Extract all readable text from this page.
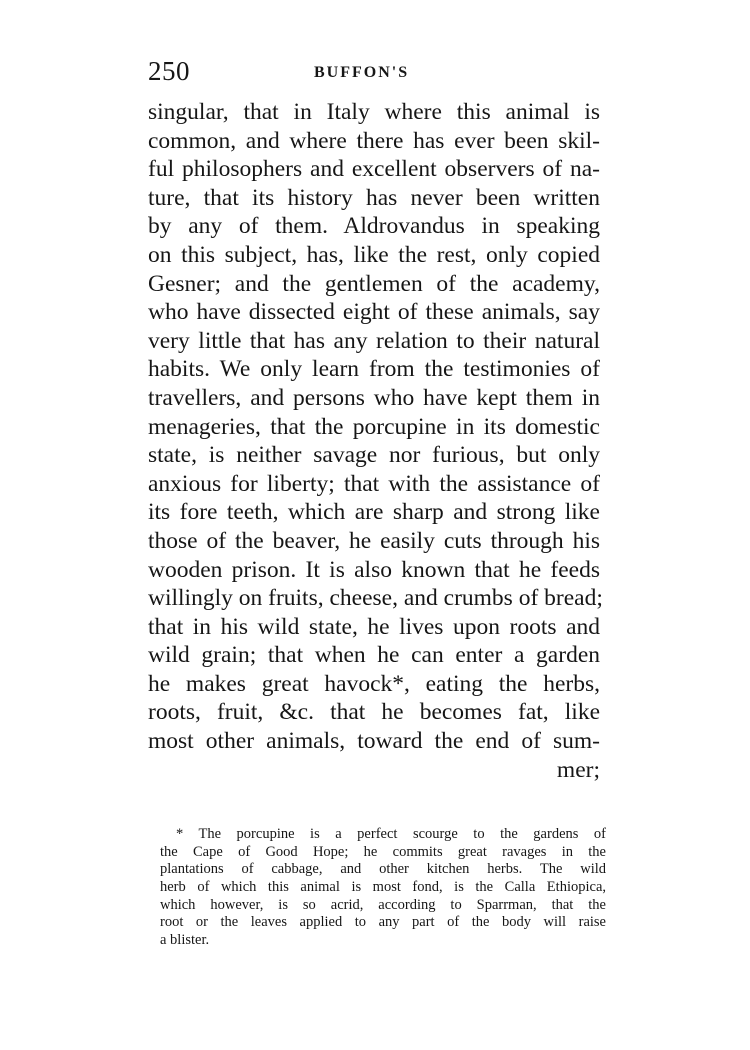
250	BUFFON'S
singular, that in Italy where this animal is
common, and where there has ever been skil-
ful philosophers and excellent observers of na-
ture, that its history has never been written
by any of them. Aldrovandus in speaking
on this subject, has, like the rest, only copied
Gesner; and the gentlemen of the academy,
who have dissected eight of these animals, say
very little that has any relation to their natural
habits. We only learn from the testimonies of
travellers, and persons who have kept them in
menageries, that the porcupine in its domestic
state, is neither savage nor furious, but only
anxious for liberty; that with the assistance of
its fore teeth, which are sharp and strong like
those of the beaver, he easily cuts through his
wooden prison. It is also known that he feeds
willingly on fruits, cheese, and crumbs of bread;
that in his wild state, he lives upon roots and
wild grain; that when he can enter a garden
he makes great havock*, eating the herbs,
roots, fruit, &c. that he becomes fat, like
most other animals, toward the end of sum-
mer;
* The porcupine is a perfect scourge to the gardens of
the Cape of Good Hope; he commits great ravages in the
plantations of cabbage, and other kitchen herbs. The wild
herb of which this animal is most fond, is the Calla Ethiopica,
which however, is so acrid, according to Sparrman, that the
root or the leaves applied to any part of the body will raise
a blister.
